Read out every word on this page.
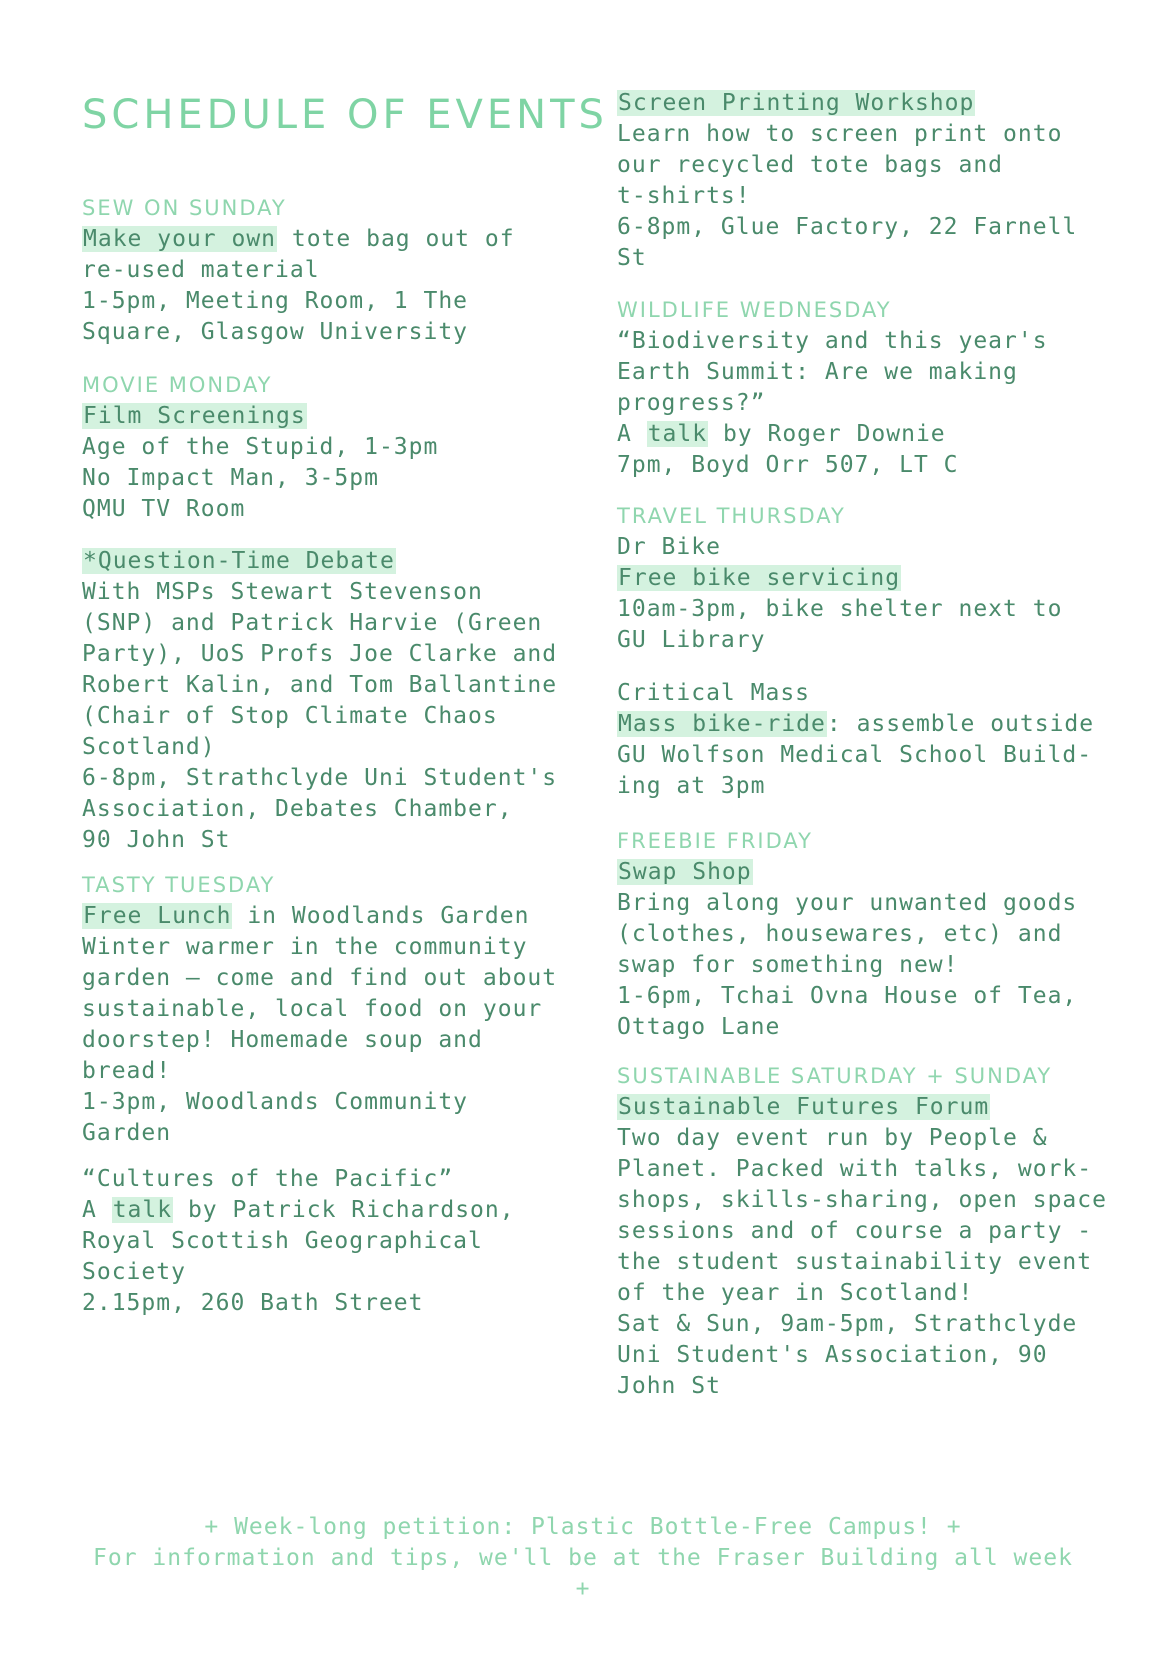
SCHEDULE OF EVENTS
SEW ON SUNDAY
Make your own tote bag out of
re-used material
1-5pm, Meeting Room, 1 The
Square, Glasgow University
MOVIE MONDAY
Film Screenings
Age of the Stupid, 1-3pm
No Impact Man, 3-5pm
QMU TV Room
*Question-Time Debate
With MSPs Stewart Stevenson
(SNP) and Patrick Harvie (Green
Party), UoS Profs Joe Clarke and
Robert Kalin, and Tom Ballantine
(Chair of Stop Climate Chaos
Scotland)
6-8pm, Strathclyde Uni Student's
Association, Debates Chamber,
90 John St
TASTY TUESDAY
Free Lunch in Woodlands Garden
Winter warmer in the community
garden – come and find out about
sustainable, local food on your
doorstep! Homemade soup and
bread!
1-3pm, Woodlands Community
Garden
“Cultures of the Pacific”
A talk by Patrick Richardson,
Royal Scottish Geographical
Society
2.15pm, 260 Bath Street
Screen Printing Workshop
Learn how to screen print onto
our recycled tote bags and
t-shirts!
6-8pm, Glue Factory, 22 Farnell
St
WILDLIFE WEDNESDAY
“Biodiversity and this year's
Earth Summit: Are we making
progress?”
A talk by Roger Downie
7pm, Boyd Orr 507, LT C
TRAVEL THURSDAY
Dr Bike
Free bike servicing
10am-3pm, bike shelter next to
GU Library
Critical Mass
Mass bike-ride: assemble outside
GU Wolfson Medical School Build-
ing at 3pm
FREEBIE FRIDAY
Swap Shop
Bring along your unwanted goods
(clothes, housewares, etc) and
swap for something new!
1-6pm, Tchai Ovna House of Tea,
Ottago Lane
SUSTAINABLE SATURDAY + SUNDAY
Sustainable Futures Forum
Two day event run by People &
Planet. Packed with talks, work-
shops, skills-sharing, open space
sessions and of course a party -
the student sustainability event
of the year in Scotland!
Sat & Sun, 9am-5pm, Strathclyde
Uni Student's Association, 90
John St
+ Week-long petition: Plastic Bottle-Free Campus! +
For information and tips, we'll be at the Fraser Building all week
+
